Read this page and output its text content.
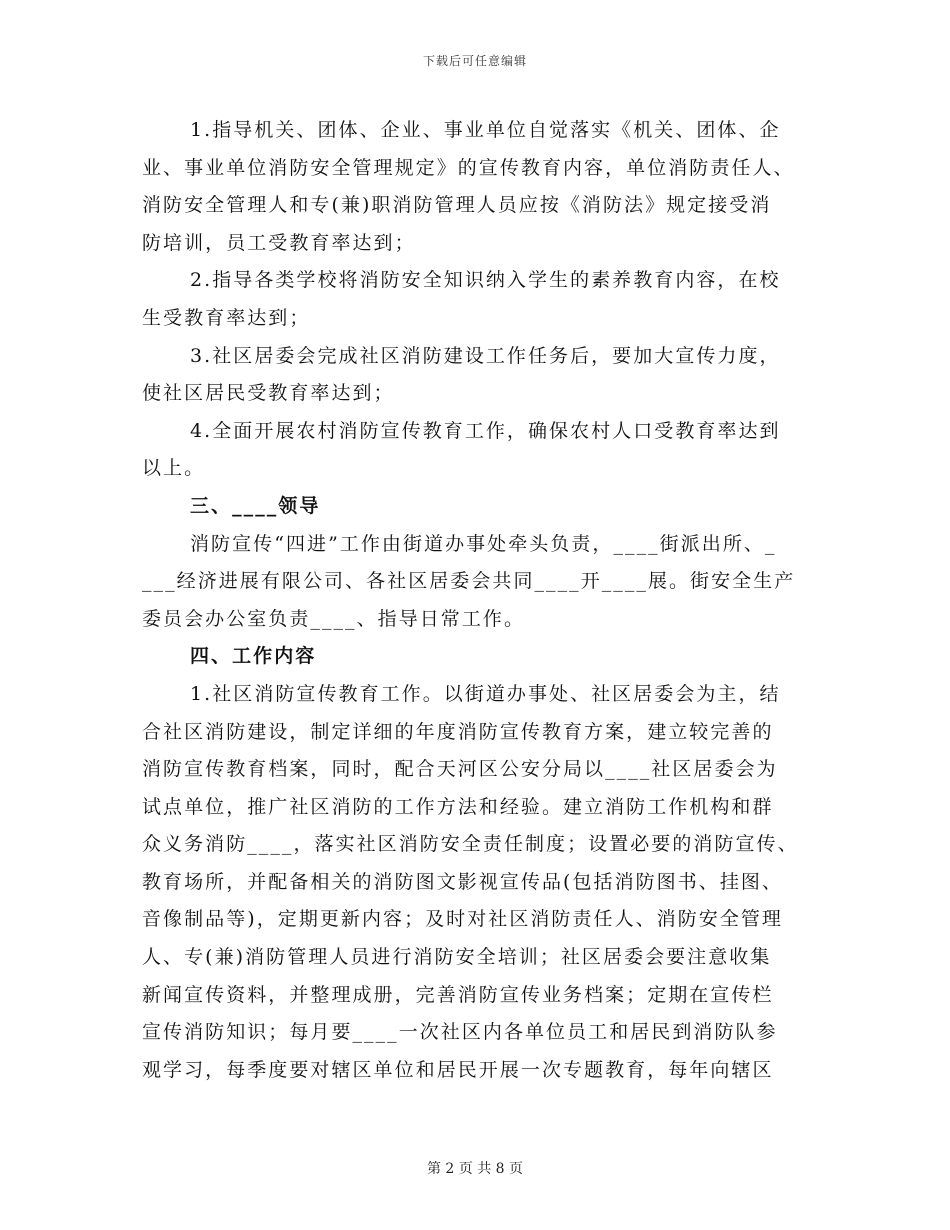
下载后可任意编辑
1.指导机关、团体、企业、事业单位自觉落实《机关、团体、企
业、事业单位消防安全管理规定》的宣传教育内容，单位消防责任人、
消防安全管理人和专(兼)职消防管理人员应按《消防法》规定接受消
防培训，员工受教育率达到；
2.指导各类学校将消防安全知识纳入学生的素养教育内容，在校
生受教育率达到；
3.社区居委会完成社区消防建设工作任务后，要加大宣传力度，
使社区居民受教育率达到；
4.全面开展农村消防宣传教育工作，确保农村人口受教育率达到
以上。
三、____领导
消防宣传“四进”工作由街道办事处牵头负责，____街派出所、_
___经济进展有限公司、各社区居委会共同____开____展。街安全生产
委员会办公室负责____、指导日常工作。
四、工作内容
1.社区消防宣传教育工作。以街道办事处、社区居委会为主，结
合社区消防建设，制定详细的年度消防宣传教育方案，建立较完善的
消防宣传教育档案，同时，配合天河区公安分局以____社区居委会为
试点单位，推广社区消防的工作方法和经验。建立消防工作机构和群
众义务消防____，落实社区消防安全责任制度；设置必要的消防宣传、
教育场所，并配备相关的消防图文影视宣传品(包括消防图书、挂图、
音像制品等)，定期更新内容；及时对社区消防责任人、消防安全管理
人、专(兼)消防管理人员进行消防安全培训；社区居委会要注意收集
新闻宣传资料，并整理成册，完善消防宣传业务档案；定期在宣传栏
宣传消防知识；每月要____一次社区内各单位员工和居民到消防队参
观学习，每季度要对辖区单位和居民开展一次专题教育，每年向辖区
第 2 页 共 8 页
